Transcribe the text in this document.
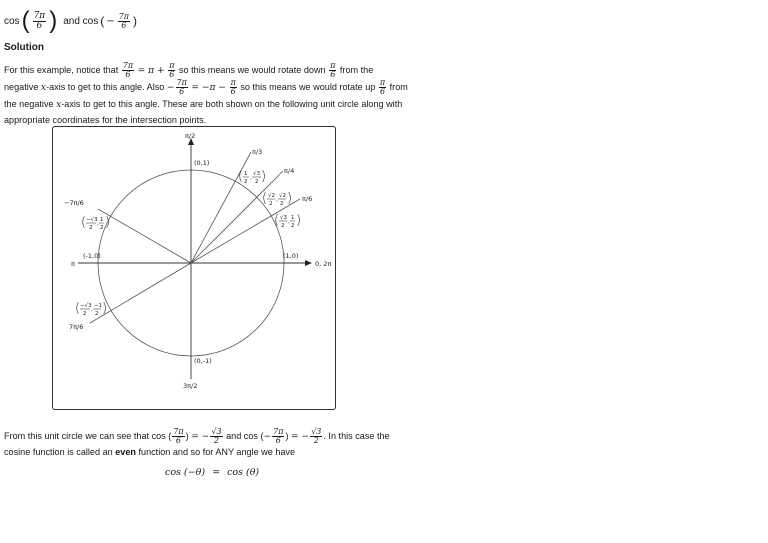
cos ( $\frac{7\pi}{6}$ ) and cos ( − $\frac{7\pi}{6}$ )
Solution
For this example, notice that $\frac{7\pi}{6} = \pi + \frac{\pi}{6}$ so this means we would rotate down $\frac{\pi}{6}$ from the negative x-axis to get to this angle. Also − $\frac{7\pi}{6} = -\pi - \frac{\pi}{6}$ so this means we would rotate up $\frac{\pi}{6}$ from the negative x-axis to get to this angle. These are both shown on the following unit circle along with appropriate coordinates for the intersection points.
π/2
π/3
π/4
π/6
0, 2π
π
3π/2
−7π/6
7π/6
(0,1)
(1,0)
(-1,0)
(0,-1)
( 1
2
,
√3
2 )
( √2
2
,
√2
2 )
( √3
2
,
1
2 )
( −√3
2
,
1
2 )
( −√3
2
,
−1
2 )
From this unit circle we can see that cos ( $\frac{7\pi}{6}$ ) = − $\frac{√3}{2}$ and cos (− $\frac{7\pi}{6}$ ) = − $\frac{√3}{2}$ . In this case the cosine function is called an even function and so for ANY angle we have
cos (−θ) = cos (θ)
